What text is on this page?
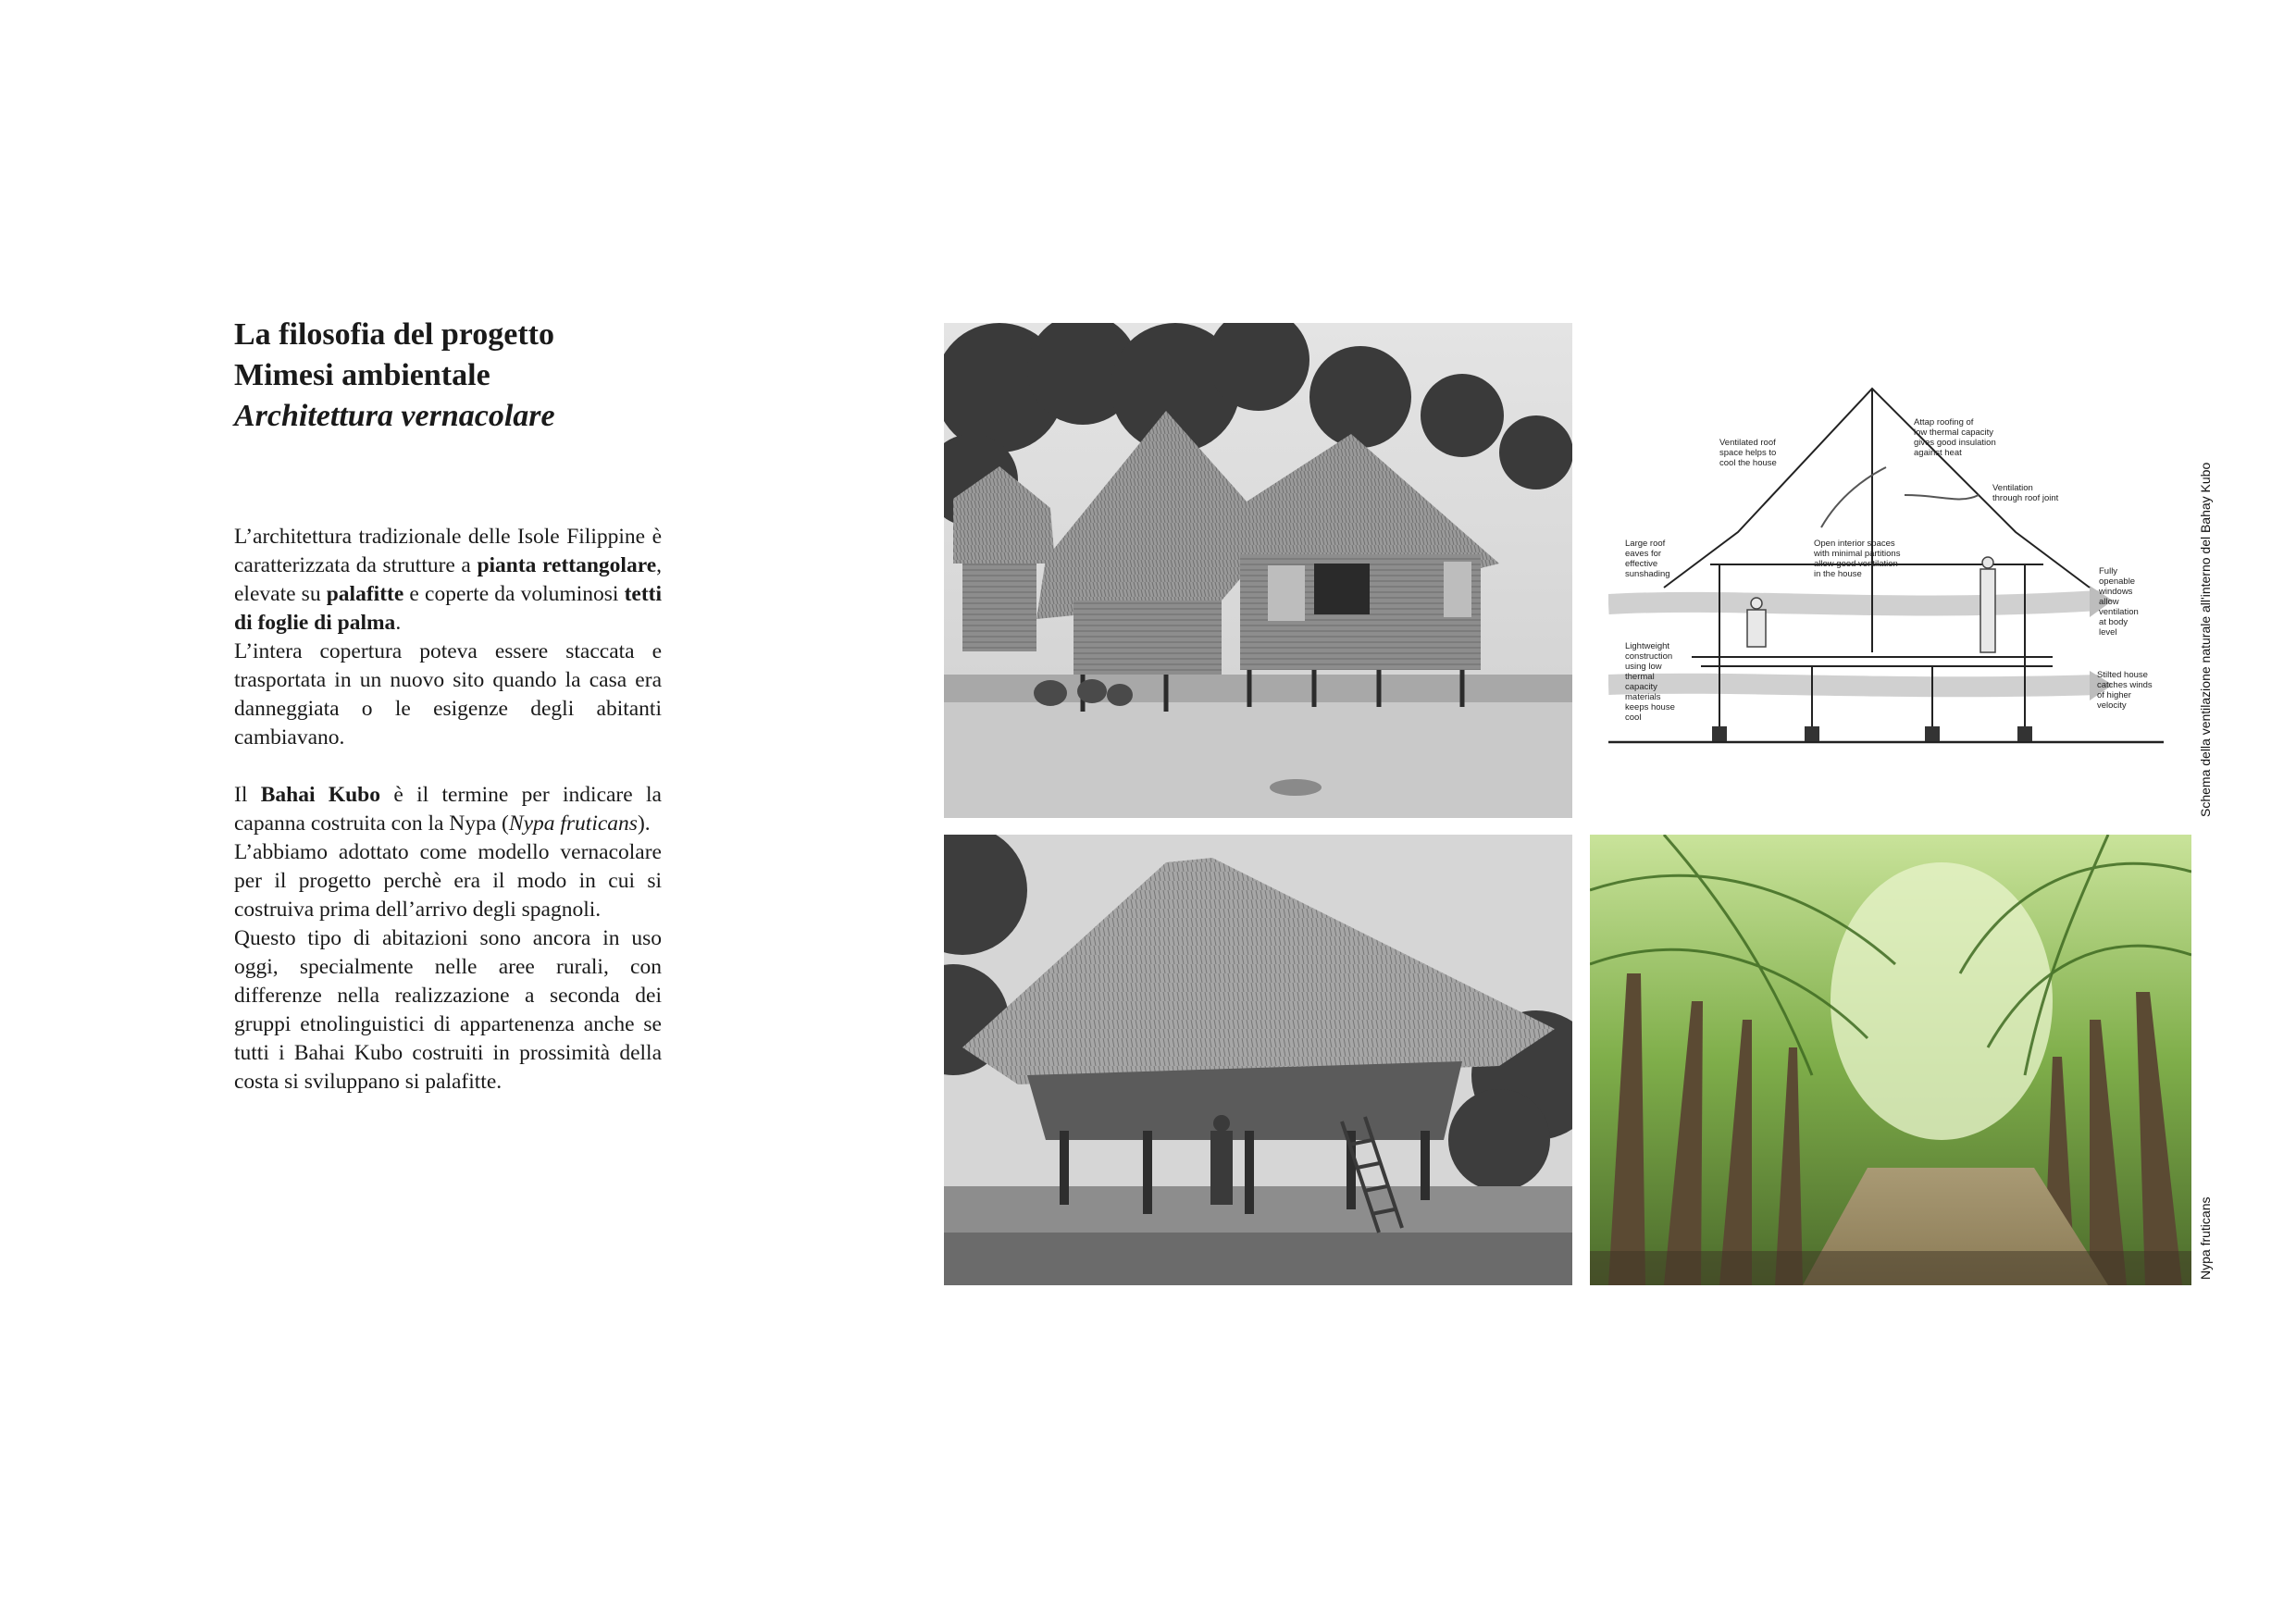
La filosofia del progetto
Mimesi ambientale
Architettura vernacolare

L’architettura tradizionale delle Isole Filippine è caratterizzata da strutture a pianta rettangolare, elevate su palafitte e coperte da voluminosi tetti di foglie di palma.
L’intera copertura poteva essere staccata e trasportata in un nuovo sito quando la casa era danneggiata o le esigenze degli abitanti cambiavano.

Il Bahai Kubo è il termine per indicare la capanna costruita con la Nypa (Nypa fruticans).
L’abbiamo adottato come modello vernacolare per il progetto perchè era il modo in cui si costruiva prima dell’arrivo degli spagnoli.
Questo tipo di abitazioni sono ancora in uso oggi, specialmente nelle aree rurali, con differenze nella realizzazione a seconda dei gruppi etnolinguistici di appartenenza anche se tutti i Bahai Kubo costruiti in prossimità della costa si sviluppano si palafitte.

Ventilated roof space helps to cool the house
Attap roofing of low thermal capacity gives good insulation against heat
Ventilation through roof joint
Large roof eaves for effective sunshading
Open interior spaces with minimal partitions allow good ventilation in the house	Fully openable windows allow ventilation at body level
Lightweight construction using low thermal capacity materials keeps house cool
Stilted house catches winds of higher velocity	Schema della ventilazione naturale all'interno del Bahay Kubo
Nypa fruticans
